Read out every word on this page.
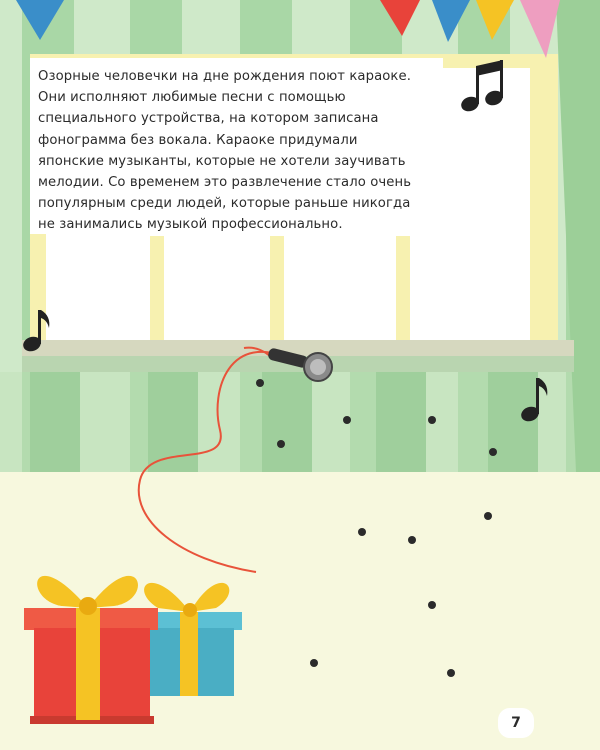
Озорные человечки на дне рождения поют караоке.
Они исполняют любимые песни с помощью
специального устройства, на котором записана
фонограмма без вокала. Караоке придумали
японские музыканты, которые не хотели заучивать
мелодии. Со временем это развлечение стало очень
популярным среди людей, которые раньше никогда
не занимались музыкой профессионально.

7
